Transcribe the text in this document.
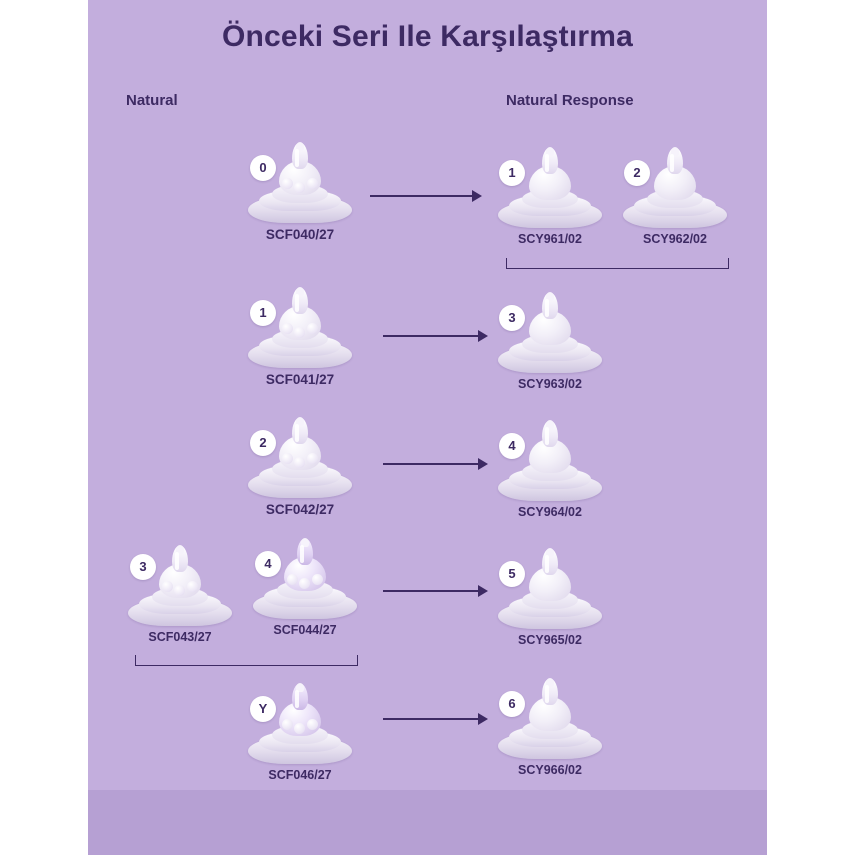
Önceki Seri Ile Karşılaştırma
Natural	Natural Response
0
SCF040/27
1
SCY961/02
2
SCY962/02
1
SCF041/27
3
SCY963/02
2
SCF042/27
4
SCY964/02
3
SCF043/27
4
SCF044/27
5
SCY965/02
Y
SCF046/27
6
SCY966/02
